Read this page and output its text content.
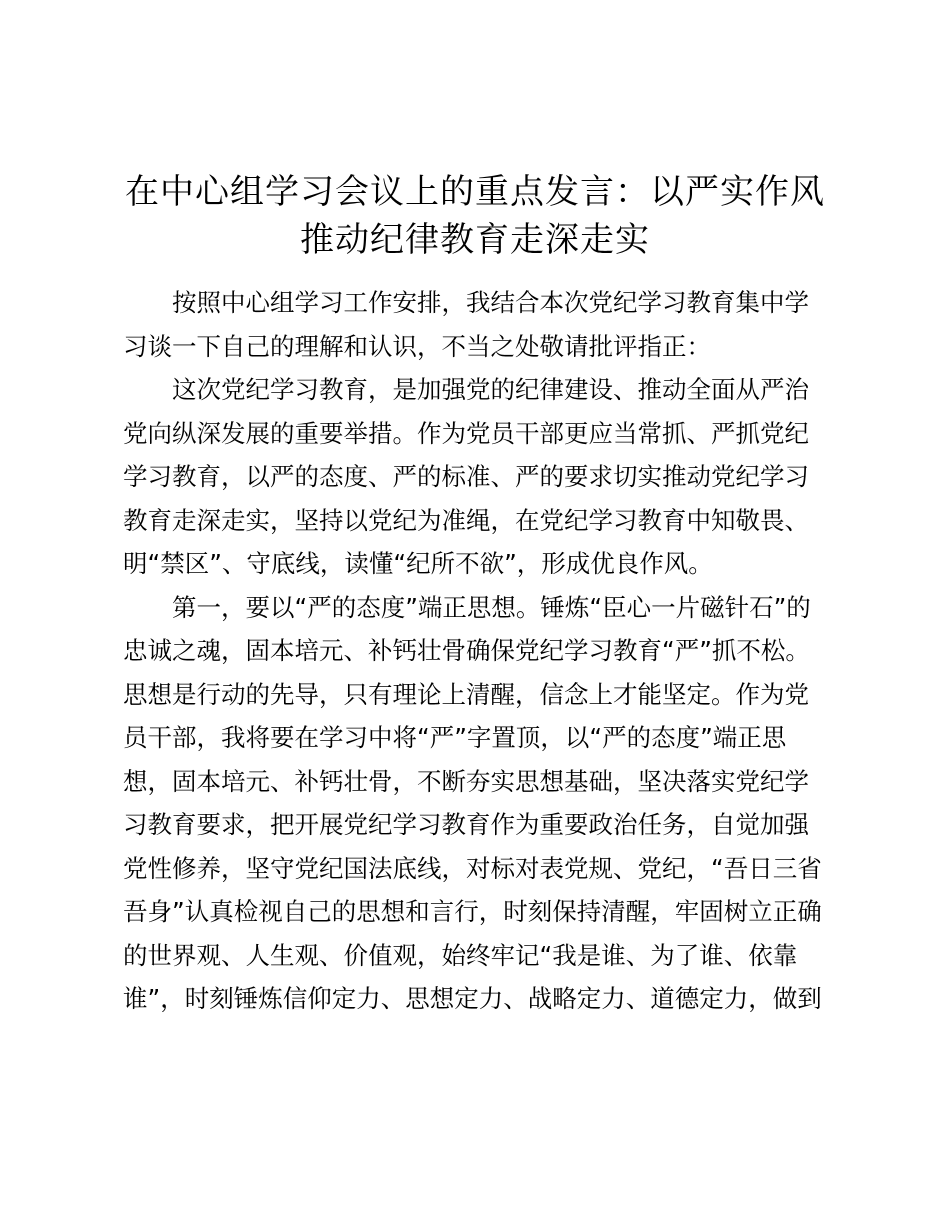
在中心组学习会议上的重点发言：以严实作风
推动纪律教育走深走实

按照中心组学习工作安排，我结合本次党纪学习教育集中学

习谈一下自己的理解和认识，不当之处敬请批评指正：

这次党纪学习教育，是加强党的纪律建设、推动全面从严治

党向纵深发展的重要举措。作为党员干部更应当常抓、严抓党纪

学习教育，以严的态度、严的标准、严的要求切实推动党纪学习

教育走深走实，坚持以党纪为准绳，在党纪学习教育中知敬畏、

明“禁区”、守底线，读懂“纪所不欲”，形成优良作风。

第一，要以“严的态度”端正思想。锤炼“臣心一片磁针石”的

忠诚之魂，固本培元、补钙壮骨确保党纪学习教育“严”抓不松。

思想是行动的先导，只有理论上清醒，信念上才能坚定。作为党

员干部，我将要在学习中将“严”字置顶，以“严的态度”端正思

想，固本培元、补钙壮骨，不断夯实思想基础，坚决落实党纪学

习教育要求，把开展党纪学习教育作为重要政治任务，自觉加强

党性修养，坚守党纪国法底线，对标对表党规、党纪，“吾日三省

吾身”认真检视自己的思想和言行，时刻保持清醒，牢固树立正确

的世界观、人生观、价值观，始终牢记“我是谁、为了谁、依靠

谁”，时刻锤炼信仰定力、思想定力、战略定力、道德定力，做到
